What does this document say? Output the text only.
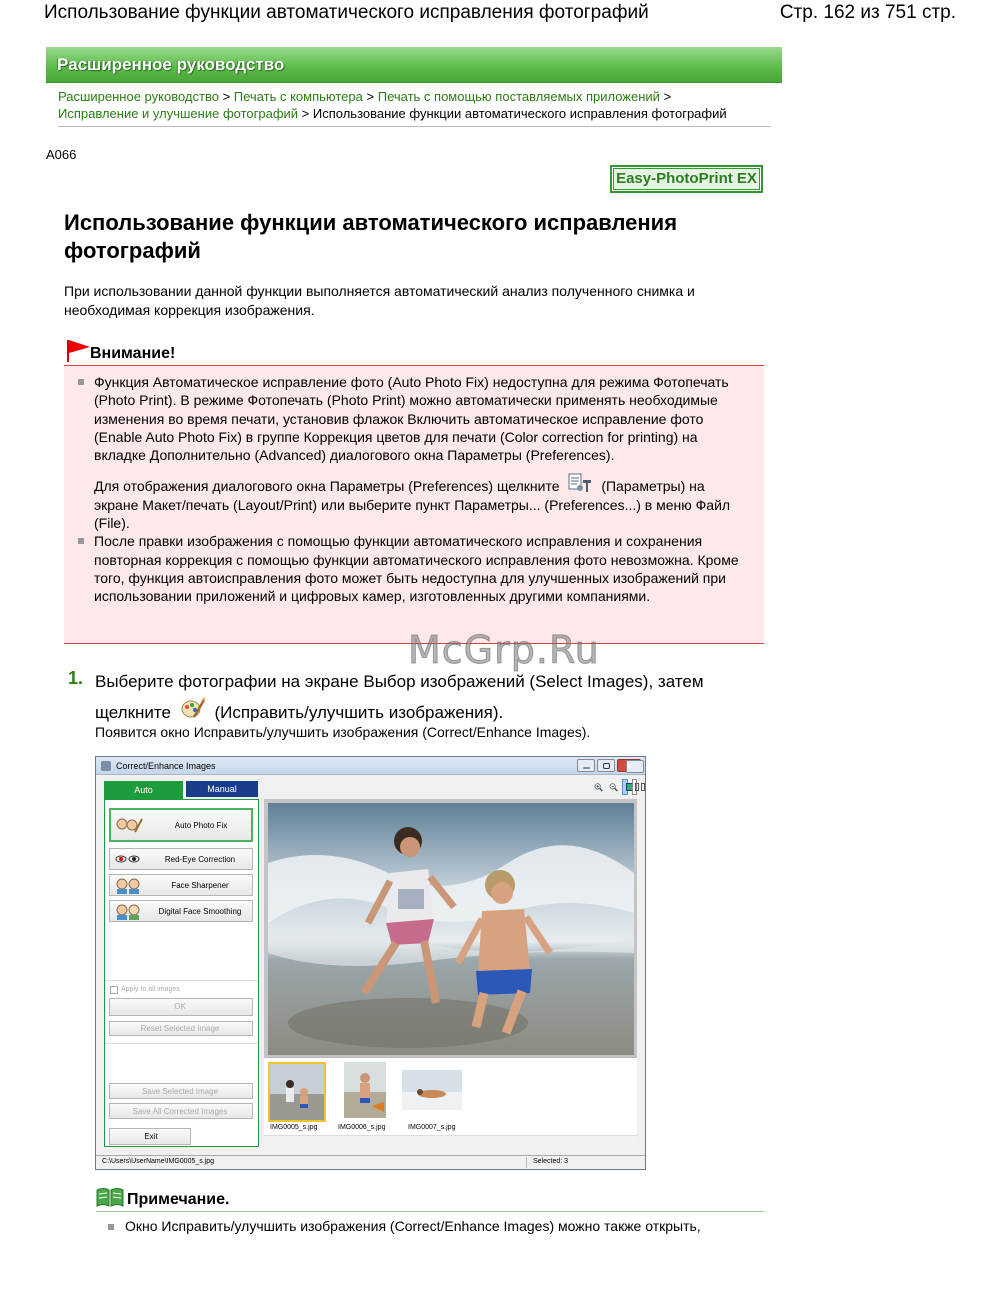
Использование функции автоматического исправления фотографий	Стр. 162 из 751 стр.
Расширенное руководство
Расширенное руководство > Печать с компьютера > Печать с помощью поставляемых приложений >
Исправление и улучшение фотографий > Использование функции автоматического исправления фотографий
A066
Easy-PhotoPrint EX
Использование функции автоматического исправления фотографий
При использовании данной функции выполняется автоматический анализ полученного снимка и необходимая коррекция изображения.
Внимание!
Функция Автоматическое исправление фото (Auto Photo Fix) недоступна для режима Фотопечать (Photo Print). В режиме Фотопечать (Photo Print) можно автоматически применять необходимые изменения во время печати, установив флажок Включить автоматическое исправление фото (Enable Auto Photo Fix) в группе Коррекция цветов для печати (Color correction for printing) на вкладке Дополнительно (Advanced) диалогового окна Параметры (Preferences).
Для отображения диалогового окна Параметры (Preferences) щелкните	(Параметры) на экране Макет/печать (Layout/Print) или выберите пункт Параметры... (Preferences...) в меню Файл (File).
После правки изображения с помощью функции автоматического исправления и сохранения повторная коррекция с помощью функции автоматического исправления фото невозможна. Кроме того, функция автоисправления фото может быть недоступна для улучшенных изображений при использовании приложений и цифровых камер, изготовленных другими компаниями.
McGrp.Ru
1. Выберите фотографии на экране Выбор изображений (Select Images), затем щелкните	(Исправить/улучшить изображения).
Появится окно Исправить/улучшить изображения (Correct/Enhance Images).
Correct/Enhance Images	×
Auto	Manual
Auto Photo Fix
Red-Eye Correction
Face Sharpener
Digital Face Smoothing
Apply to all images
OK
Reset Selected Image
Save Selected Image
Save All Corrected Images
Exit
IMG0005_s.jpg	IMG0006_s.jpg	IMG0007_s.jpg
C:\Users\UserName\IMG0005_s.jpg	Selected: 3
Примечание.
Окно Исправить/улучшить изображения (Correct/Enhance Images) можно также открыть,
